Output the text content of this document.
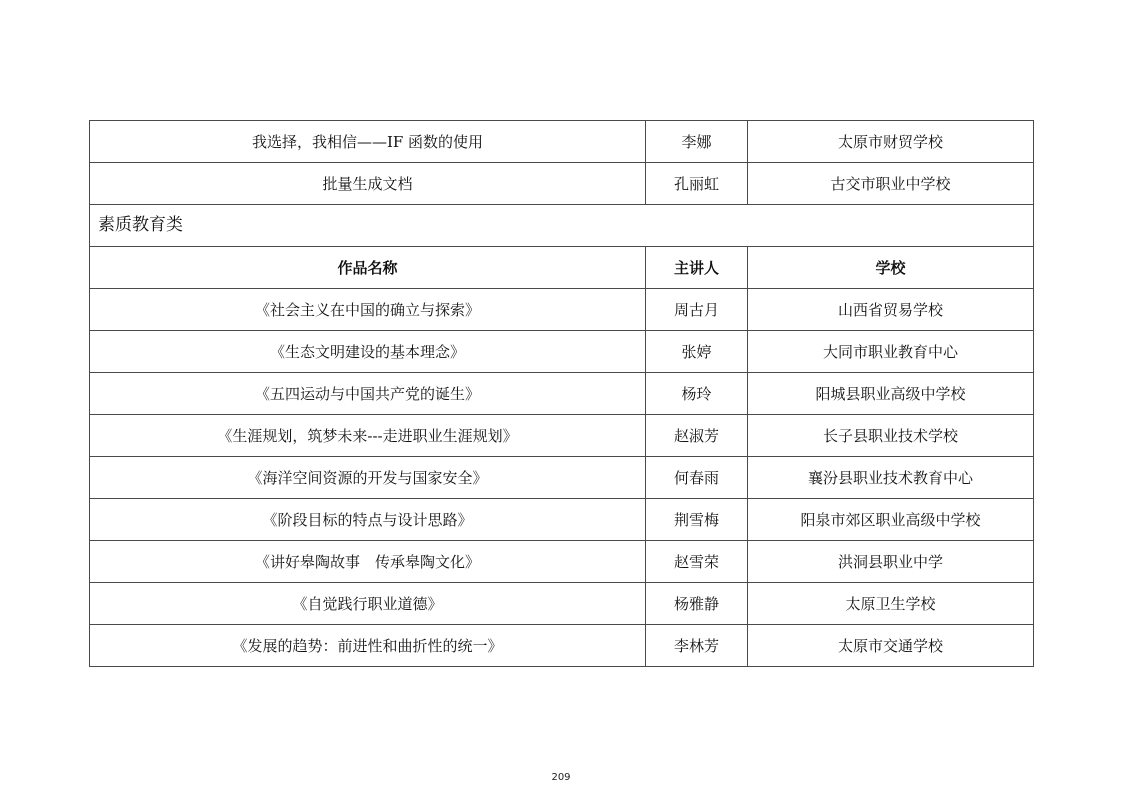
我选择，我相信——IF 函数的使用	李娜	太原市财贸学校
批量生成文档	孔丽虹	古交市职业中学校
素质教育类		
作品名称	主讲人	学校
《社会主义在中国的确立与探索》	周古月	山西省贸易学校
《生态文明建设的基本理念》	张婷	大同市职业教育中心
《五四运动与中国共产党的诞生》	杨玲	阳城县职业高级中学校
《生涯规划，筑梦未来---走进职业生涯规划》	赵淑芳	长子县职业技术学校
《海洋空间资源的开发与国家安全》	何春雨	襄汾县职业技术教育中心
《阶段目标的特点与设计思路》	荆雪梅	阳泉市郊区职业高级中学校
《讲好皋陶故事　传承皋陶文化》	赵雪荣	洪洞县职业中学
《自觉践行职业道德》	杨雅静	太原卫生学校
《发展的趋势：前进性和曲折性的统一》	李林芳	太原市交通学校
209
